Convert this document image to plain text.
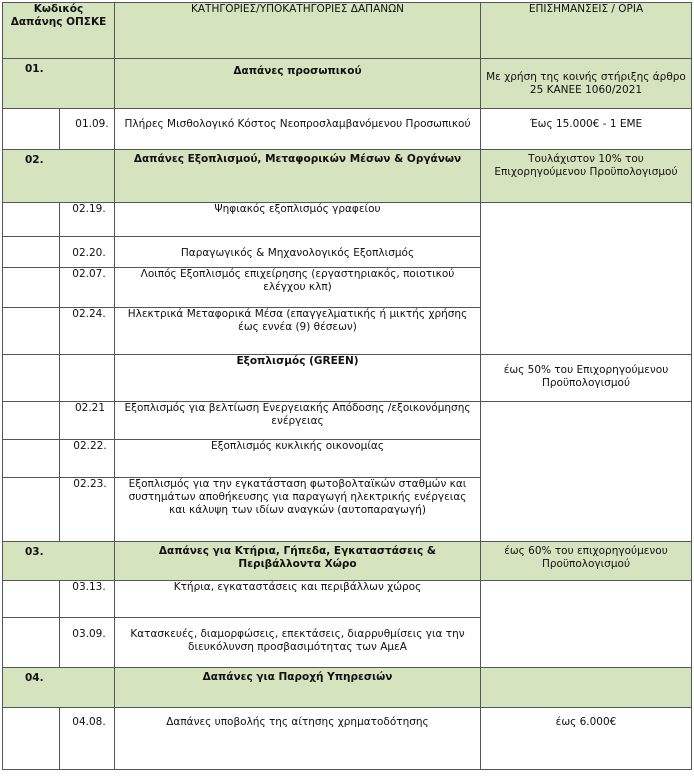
Κωδικός Δαπάνης ΟΠΣΚΕ		ΚΑΤΗΓΟΡΙΕΣ/ΥΠΟΚΑΤΗΓΟΡΙΕΣ ΔΑΠΑΝΩΝ	ΕΠΙΣΗΜΑΝΣΕΙΣ / ΟΡΙΑ
01.		Δαπάνες προσωπικού	Με χρήση της κοινής στήριξης άρθρο 25 ΚΑΝΕΕ 1060/2021
	01.09.	Πλήρες Μισθολογικό Κόστος Νεοπροσλαμβανόμενου Προσωπικού	Έως 15.000€ - 1 ΕΜΕ
02.		Δαπάνες Εξοπλισμού, Μεταφορικών Μέσων & Οργάνων	Τουλάχιστον 10% του Επιχορηγούμενου Προϋπολογισμού
	02.19.	Ψηφιακός εξοπλισμός γραφείου	
	02.20.	Παραγωγικός & Μηχανολογικός Εξοπλισμός	
	02.07.	Λοιπός Εξοπλισμός επιχείρησης (εργαστηριακός, ποιοτικού ελέγχου κλπ)	
	02.24.	Ηλεκτρικά Μεταφορικά Μέσα (επαγγελματικής ή μικτής χρήσης έως εννέα (9) θέσεων)	
		Εξοπλισμός (GREEN)	έως 50% του Επιχορηγούμενου Προϋπολογισμού
	02.21	Εξοπλισμός για βελτίωση Ενεργειακής Απόδοσης /εξοικονόμησης ενέργειας	
	02.22.	Εξοπλισμός κυκλικής οικονομίας	
	02.23.	Εξοπλισμός για την εγκατάσταση φωτοβολταϊκών σταθμών και συστημάτων αποθήκευσης για παραγωγή ηλεκτρικής ενέργειας και κάλυψη των ιδίων αναγκών (αυτοπαραγωγή)	
03.		Δαπάνες για Κτήρια, Γήπεδα, Εγκαταστάσεις & Περιβάλλοντα Χώρο	έως 60% του επιχορηγούμενου Προϋπολογισμού
	03.13.	Κτήρια, εγκαταστάσεις και περιβάλλων χώρος	
	03.09.	Κατασκευές, διαμορφώσεις, επεκτάσεις, διαρρυθμίσεις για την διευκόλυνση προσβασιμότητας των ΑμεΑ	
04.		Δαπάνες για Παροχή Υπηρεσιών	
	04.08.	Δαπάνες υποβολής της αίτησης χρηματοδότησης	έως 6.000€
